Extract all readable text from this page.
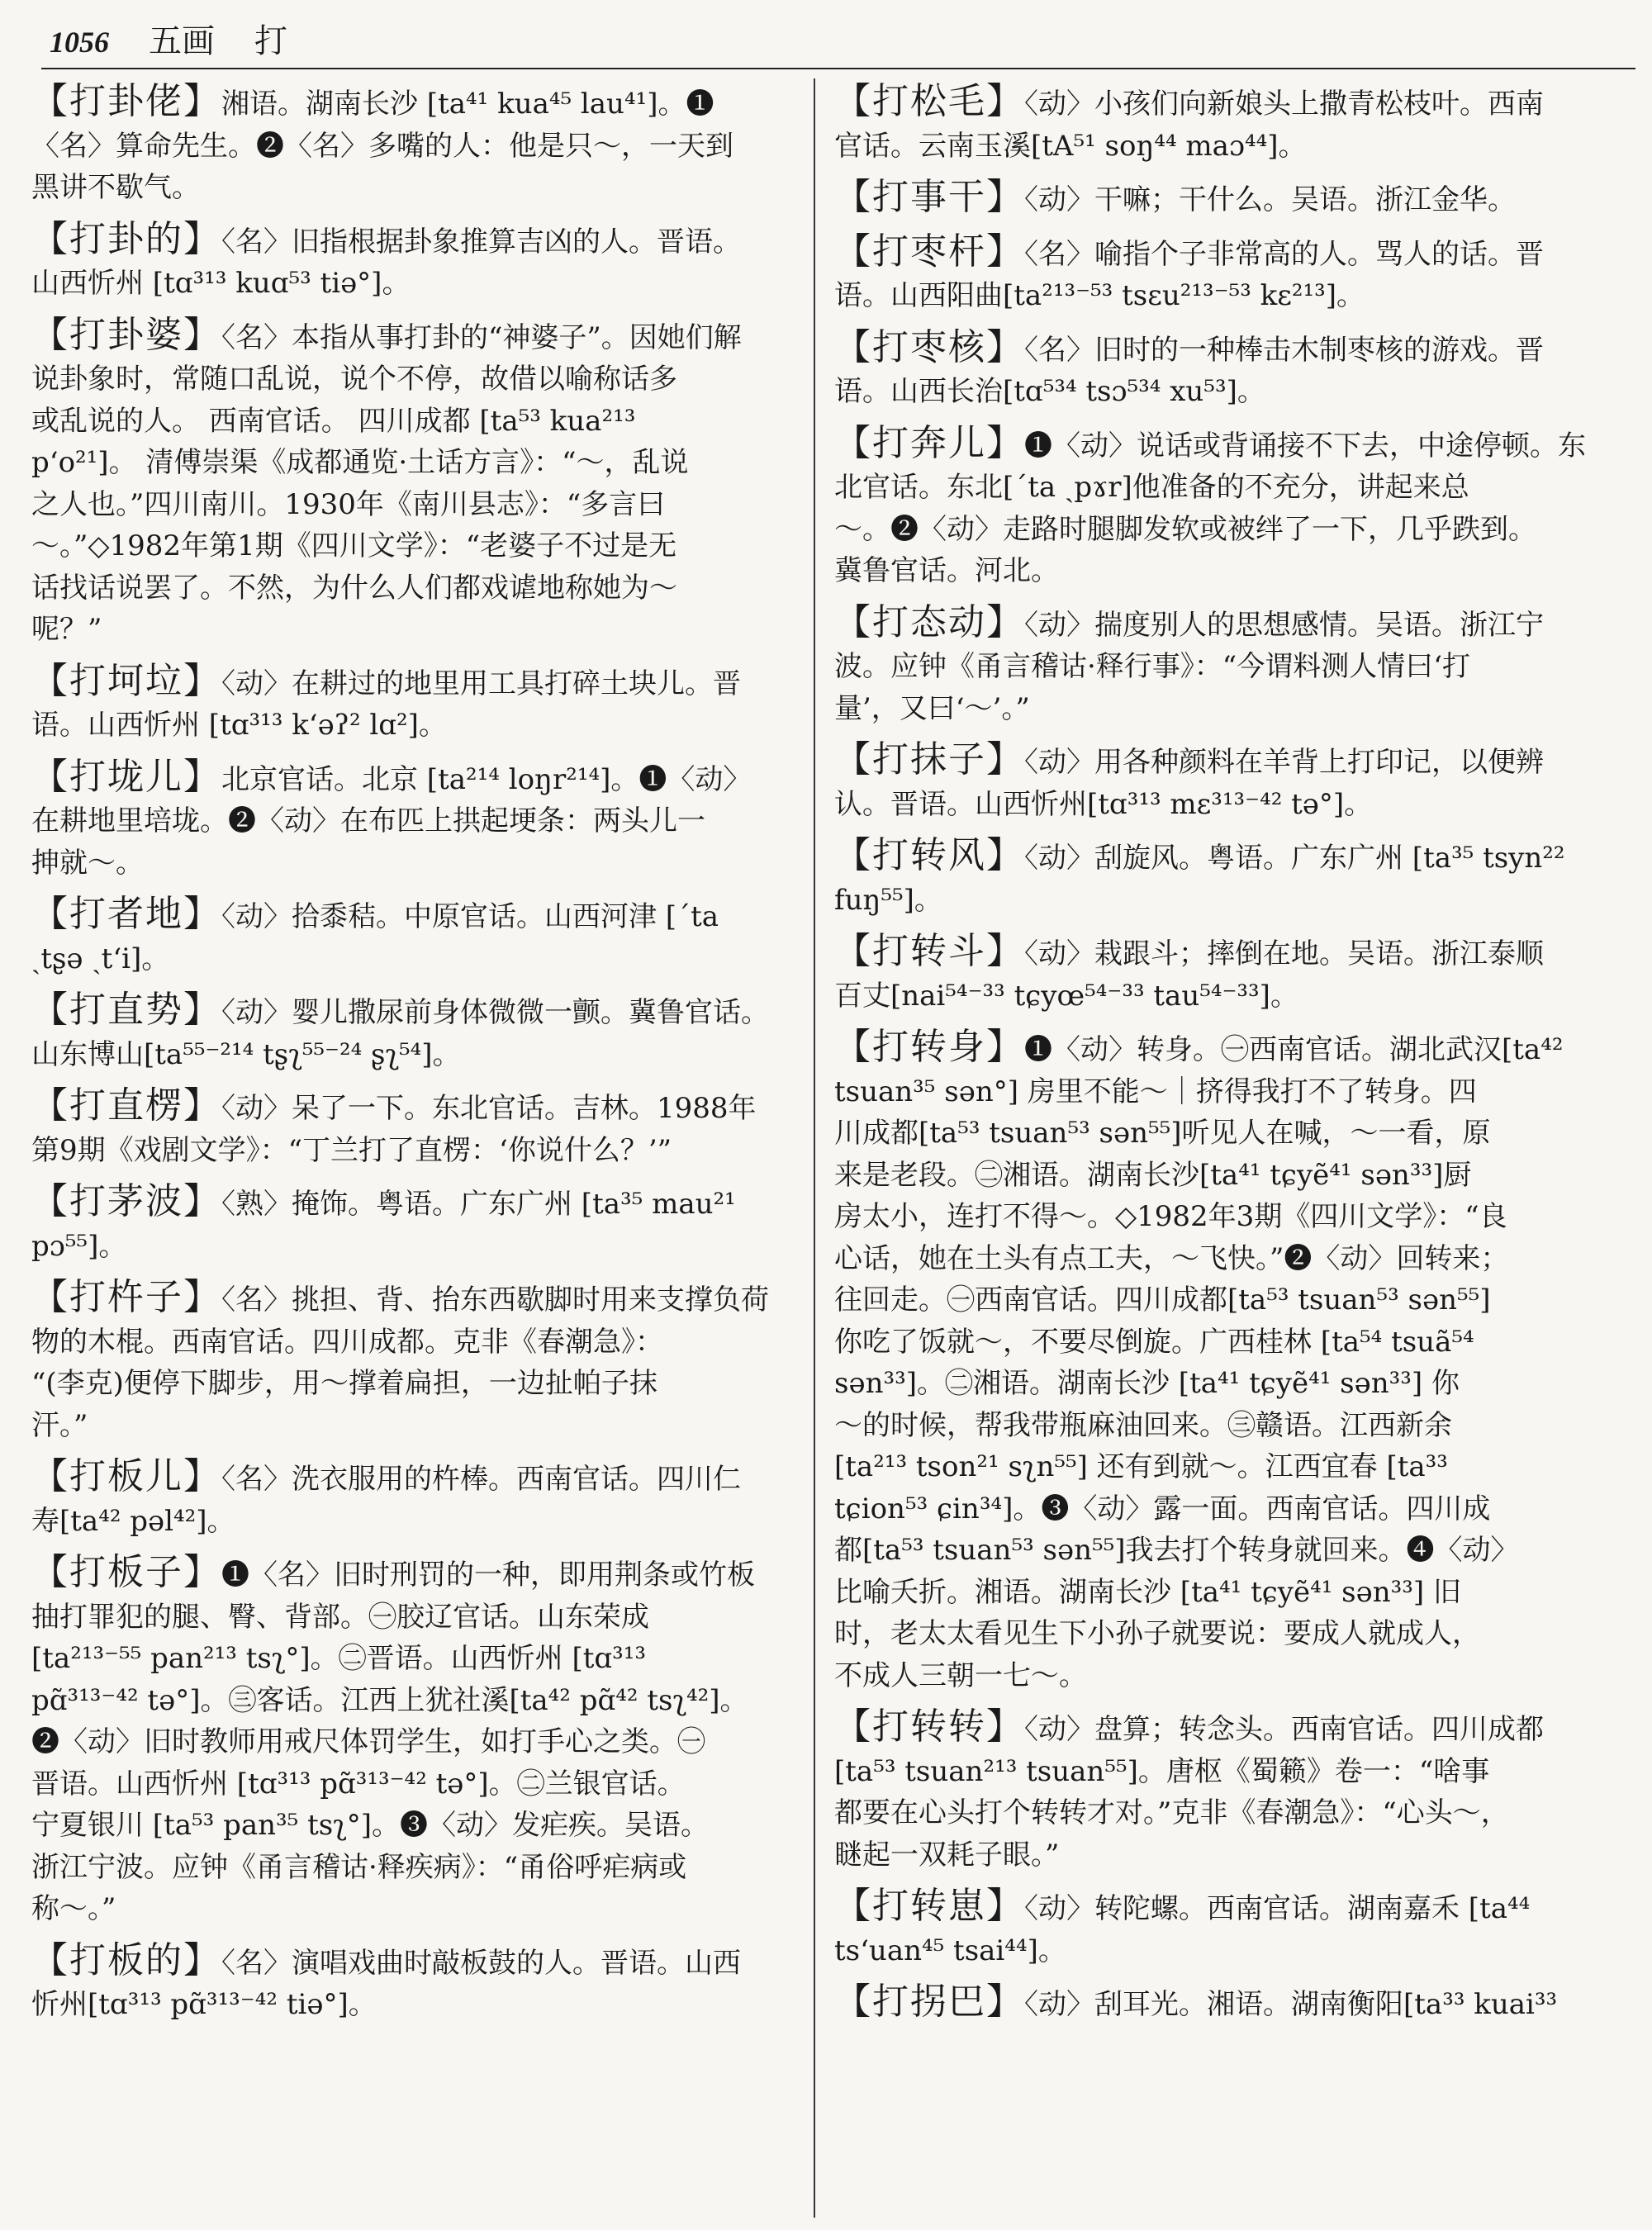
1056 五画 打
【打卦佬】湘语。湖南长沙 [ta⁴¹ kua⁴⁵ lau⁴¹]。❶
〈名〉算命先生。❷〈名〉多嘴的人：他是只～，一天到
黑讲不歇气。
【打卦的】〈名〉旧指根据卦象推算吉凶的人。晋语。
山西忻州 [tɑ³¹³ kuɑ⁵³ tiə°]。
【打卦婆】〈名〉本指从事打卦的“神婆子”。因她们解
说卦象时，常随口乱说，说个不停，故借以喻称话多
或乱说的人。 西南官话。 四川成都 [ta⁵³ kua²¹³
pʻo²¹]。 清傅崇渠《成都通览·土话方言》：“～，乱说
之人也。”四川南川。1930年《南川县志》：“多言曰
～。”◇1982年第1期《四川文学》：“老婆子不过是无
话找话说罢了。不然，为什么人们都戏谑地称她为～
呢？”
【打坷垃】〈动〉在耕过的地里用工具打碎土块儿。晋
语。山西忻州 [tɑ³¹³ kʻəʔ² lɑ²]。
【打垅儿】北京官话。北京 [ta²¹⁴ loŋr²¹⁴]。❶〈动〉
在耕地里培垅。❷〈动〉在布匹上拱起埂条：两头儿一
抻就～。
【打者地】〈动〉拾黍秸。中原官话。山西河津 [ˊta
ˏtʂə ˏtʻi]。
【打直势】〈动〉婴儿撒尿前身体微微一颤。冀鲁官话。
山东博山[ta⁵⁵⁻²¹⁴ tʂʅ⁵⁵⁻²⁴ ʂʅ⁵⁴]。
【打直楞】〈动〉呆了一下。东北官话。吉林。1988年
第9期《戏剧文学》：“丁兰打了直楞：‘你说什么？’”
【打茅波】〈熟〉掩饰。粤语。广东广州 [ta³⁵ mau²¹
pɔ⁵⁵]。
【打杵子】〈名〉挑担、背、抬东西歇脚时用来支撑负荷
物的木棍。西南官话。四川成都。克非《春潮急》：
“(李克)便停下脚步，用～撑着扁担，一边扯帕子抹
汗。”
【打板儿】〈名〉洗衣服用的杵棒。西南官话。四川仁
寿[ta⁴² pəl⁴²]。
【打板子】❶〈名〉旧时刑罚的一种，即用荆条或竹板
抽打罪犯的腿、臀、背部。㊀胶辽官话。山东荣成
[ta²¹³⁻⁵⁵ pan²¹³ tsʅ°]。㊁晋语。山西忻州 [tɑ³¹³
pɑ̃³¹³⁻⁴² tə°]。㊂客话。江西上犹社溪[ta⁴² pɑ̃⁴² tsʅ⁴²]。
❷〈动〉旧时教师用戒尺体罚学生，如打手心之类。㊀
晋语。山西忻州 [tɑ³¹³ pɑ̃³¹³⁻⁴² tə°]。㊁兰银官话。
宁夏银川 [ta⁵³ pan³⁵ tsʅ°]。❸〈动〉发疟疾。吴语。
浙江宁波。应钟《甬言稽诂·释疾病》：“甬俗呼疟病或
称～。”
【打板的】〈名〉演唱戏曲时敲板鼓的人。晋语。山西
忻州[tɑ³¹³ pɑ̃³¹³⁻⁴² tiə°]。
【打松毛】〈动〉小孩们向新娘头上撒青松枝叶。西南
官话。云南玉溪[tA⁵¹ soŋ⁴⁴ maɔ⁴⁴]。
【打事干】〈动〉干嘛；干什么。吴语。浙江金华。
【打枣杆】〈名〉喻指个子非常高的人。骂人的话。晋
语。山西阳曲[ta²¹³⁻⁵³ tsɛu²¹³⁻⁵³ kɛ²¹³]。
【打枣核】〈名〉旧时的一种棒击木制枣核的游戏。晋
语。山西长治[tɑ⁵³⁴ tsɔ⁵³⁴ xu⁵³]。
【打奔儿】❶〈动〉说话或背诵接不下去，中途停顿。东
北官话。东北[ˊta ˏpɤr]他准备的不充分，讲起来总
～。❷〈动〉走路时腿脚发软或被绊了一下，几乎跌到。
冀鲁官话。河北。
【打态动】〈动〉揣度别人的思想感情。吴语。浙江宁
波。应钟《甬言稽诂·释行事》：“今谓料测人情曰‘打
量’，又曰‘～’。”
【打抹子】〈动〉用各种颜料在羊背上打印记，以便辨
认。晋语。山西忻州[tɑ³¹³ mɛ³¹³⁻⁴² tə°]。
【打转风】〈动〉刮旋风。粤语。广东广州 [ta³⁵ tsyn²²
fuŋ⁵⁵]。
【打转斗】〈动〉栽跟斗；摔倒在地。吴语。浙江泰顺
百丈[nai⁵⁴⁻³³ tɕyœ⁵⁴⁻³³ tau⁵⁴⁻³³]。
【打转身】❶〈动〉转身。㊀西南官话。湖北武汉[ta⁴²
tsuan³⁵ sən°] 房里不能～｜挤得我打不了转身。四
川成都[ta⁵³ tsuan⁵³ sən⁵⁵]听见人在喊，～一看，原
来是老段。㊁湘语。湖南长沙[ta⁴¹ tɕyẽ⁴¹ sən³³]厨
房太小，连打不得～。◇1982年3期《四川文学》：“良
心话，她在土头有点工夫，～飞快。”❷〈动〉回转来；
往回走。㊀西南官话。四川成都[ta⁵³ tsuan⁵³ sən⁵⁵]
你吃了饭就～，不要尽倒旋。广西桂林 [ta⁵⁴ tsuã⁵⁴
sən³³]。㊁湘语。湖南长沙 [ta⁴¹ tɕyẽ⁴¹ sən³³] 你
～的时候，帮我带瓶麻油回来。㊂赣语。江西新余
[ta²¹³ tson²¹ sʅn⁵⁵] 还有到就～。江西宜春 [ta³³
tɕion⁵³ ɕin³⁴]。❸〈动〉露一面。西南官话。四川成
都[ta⁵³ tsuan⁵³ sən⁵⁵]我去打个转身就回来。❹〈动〉
比喻夭折。湘语。湖南长沙 [ta⁴¹ tɕyẽ⁴¹ sən³³] 旧
时，老太太看见生下小孙子就要说：要成人就成人，
不成人三朝一七～。
【打转转】〈动〉盘算；转念头。西南官话。四川成都
[ta⁵³ tsuan²¹³ tsuan⁵⁵]。唐枢《蜀籁》卷一：“啥事
都要在心头打个转转才对。”克非《春潮急》：“心头～，
瞇起一双耗子眼。”
【打转崽】〈动〉转陀螺。西南官话。湖南嘉禾 [ta⁴⁴
tsʻuan⁴⁵ tsai⁴⁴]。
【打拐巴】〈动〉刮耳光。湘语。湖南衡阳[ta³³ kuai³³
